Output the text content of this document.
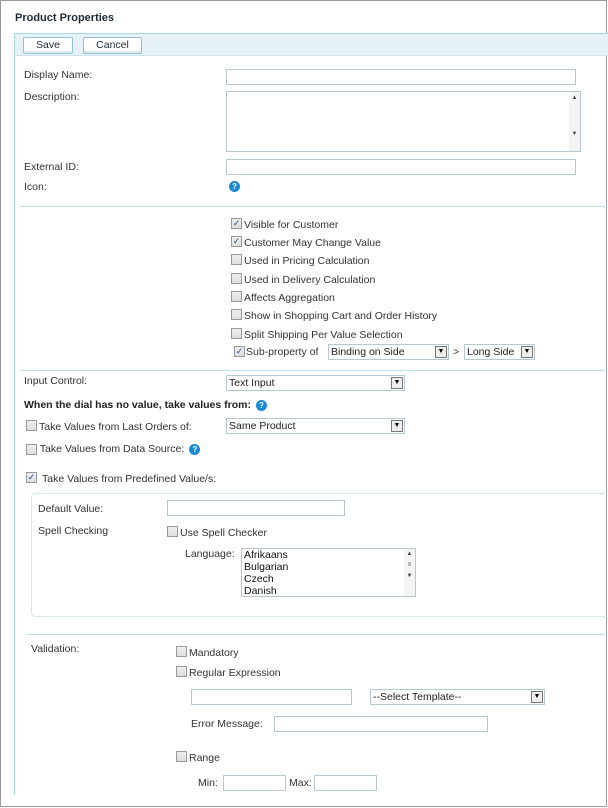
Product Properties
Save	Cancel
Display Name:
Description:	▲

▼
External ID:
Icon:	?
✓ Visible for Customer
✓ Customer May Change Value
Used in Pricing Calculation
Used in Delivery Calculation
Affects Aggregation
Show in Shopping Cart and Order History
Split Shipping Per Value Selection
✓ Sub-property of Binding on Side	▼ > Long Side	▼
Input Control:	Text Input	▼
When the dial has no value, take values from: ?
Take Values from Last Orders of:	Same Product	▼
Take Values from Data Source: ?
✓ Take Values from Predefined Value/s:
Default Value:
Spell Checking	Use Spell Checker
Language: Afrikaans
Bulgarian
Czech
Danish
▲
≡
▼
Validation:	Mandatory
Regular Expression
--Select Template--	▼
Error Message:
Range
Min:	Max:
